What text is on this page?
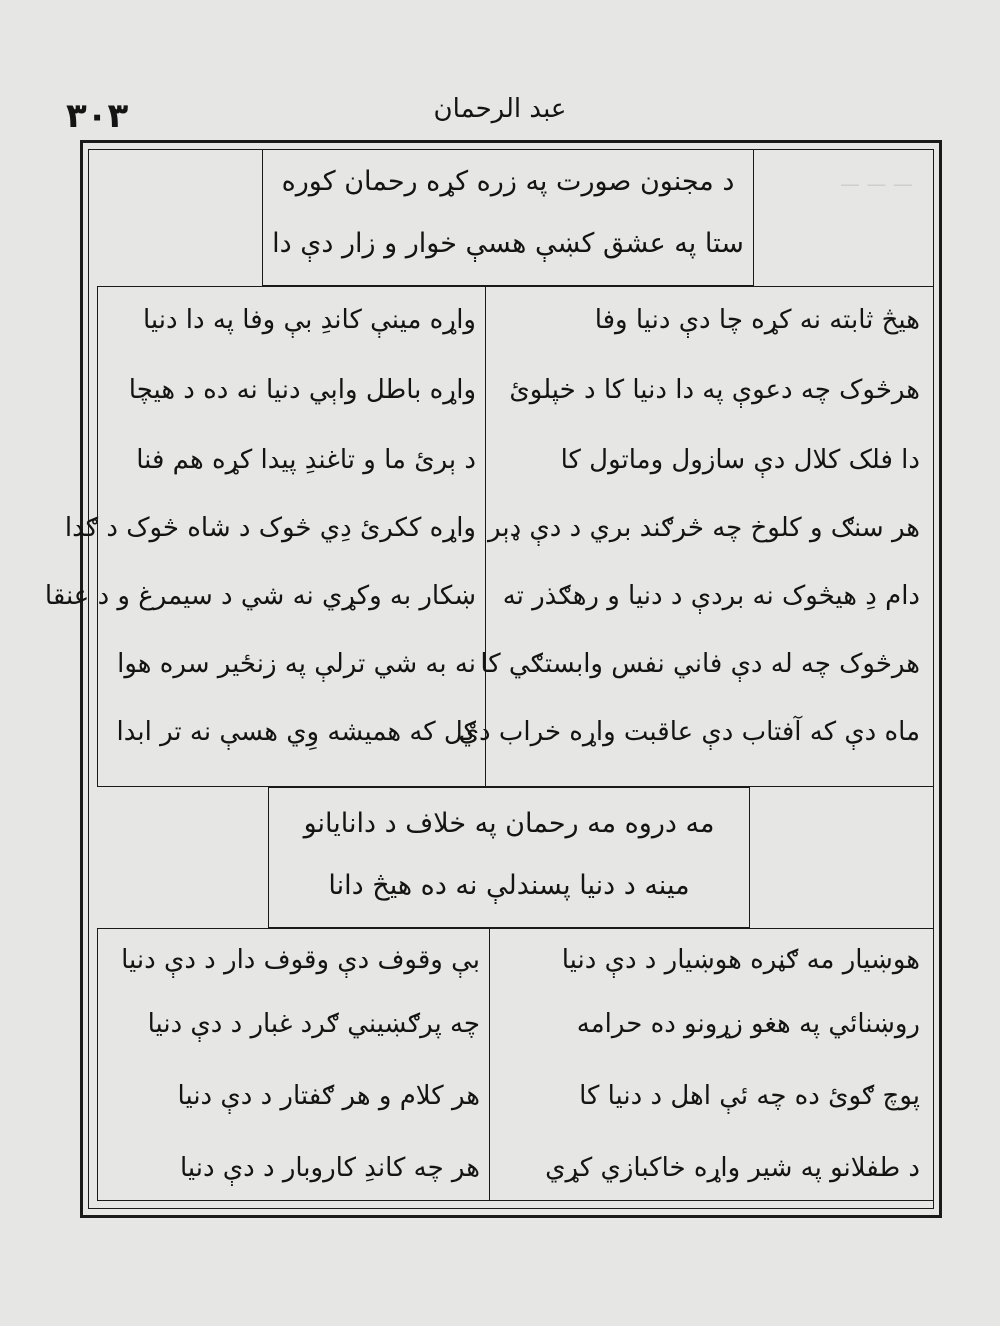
— — —
۳۰۳	عبد الرحمان
د مجنون صورت په زره کړه رحمان کوره
ستا په عشق کښې هسې خوار و زار دې دا
هيڅ ثابته نه کړه چا دې دنيا وفا
هرڅوک چه دعوې په دا دنيا کا د خپلوئ
دا فلک کلال دې سازول وماتول کا
هر سنګ و کلوخ چه څرګند بري د دې ډېر
دام دِ هيڅوک نه بردې د دنيا و رهګذر ته
هرڅوک چه له دې فاني نفس وابستګي کا
ماه دې که آفتاب دې عاقبت واړه خراب دي
واړه مينې کاندِ بې وفا په دا دنيا
واړه باطل واېي دنيا نه ده د هيچا
د ېرئ ما و تاغندِ پيدا کړه هم فنا
واړه ککرئ دِي څوک د شاه څوک د ګدا
ښکار به وکړي نه شي د سيمرغ و د عنقا
نه به شي ترلې په زنځير سره هوا
ګل که هميشه وِي هسې نه تر ابدا
مه دروه مه رحمان په خلاف د دانايانو
مينه د دنيا پسندلې نه ده هيڅ دانا
هوښيار مه ګڼره هوښيار د دې دنيا
روښنائي په هغو زړونو ده حرامه
پوچ ګوئ ده چه ئې اهل د دنيا کا
د طفلانو په شير واړه خاکبازي کړي
بې وقوف دې وقوف دار د دې دنيا
چه پرګښيني ګرد غبار د دې دنيا
هر کلام و هر ګفتار د دې دنيا
هر چه کاندِ کاروبار د دې دنيا
